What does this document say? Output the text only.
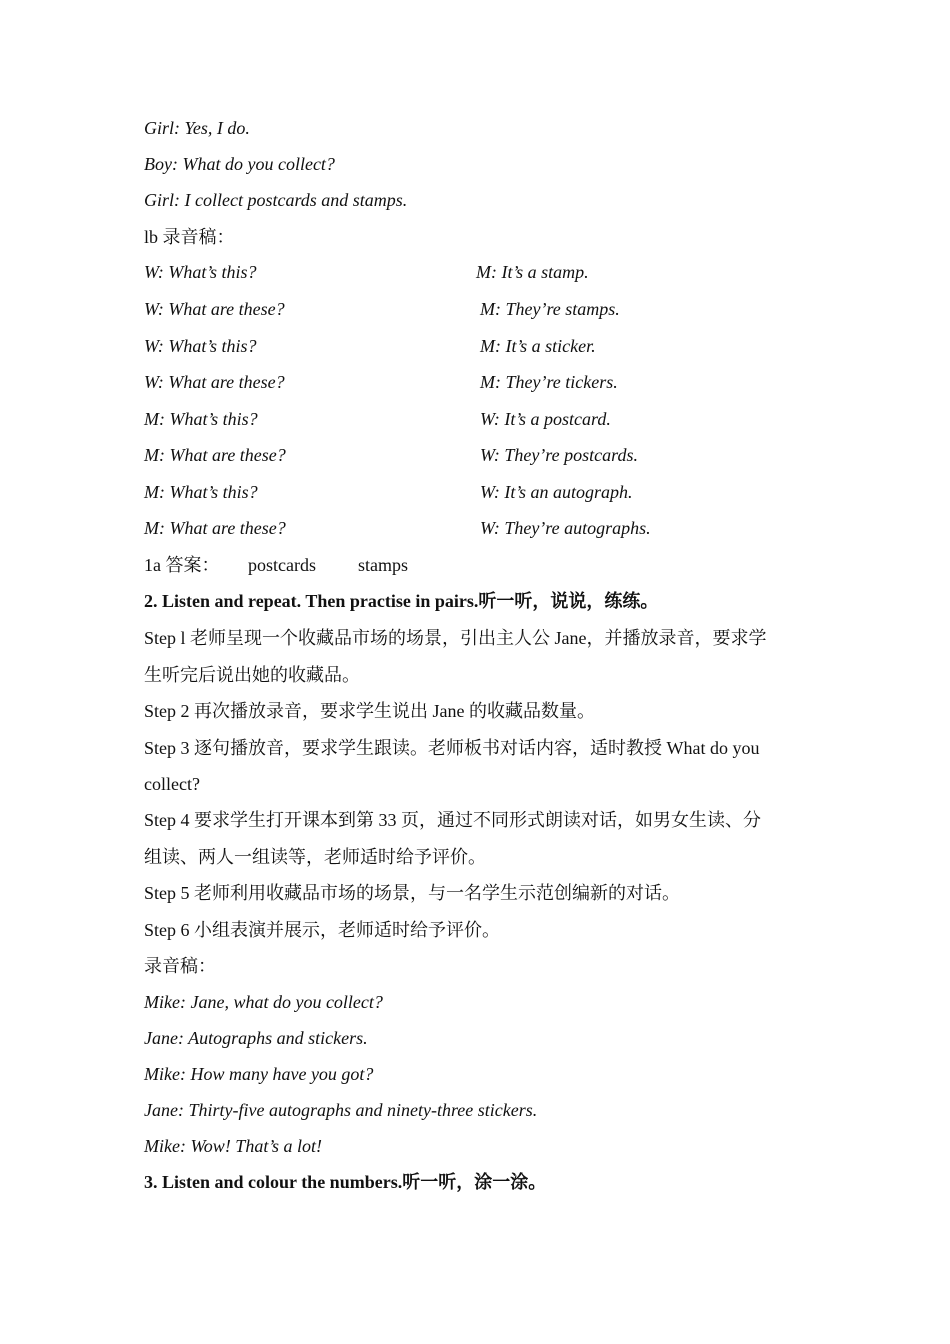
Girl: Yes, I do.
Boy: What do you collect?
Girl: I collect postcards and stamps.
lb 录音稿：
W: What’s this?	M: It’s a stamp.
W: What are these?	M: They’re stamps.
W: What’s this?	M: It’s a sticker.
W: What are these?	M: They’re tickers.
M: What’s this?	W: It’s a postcard.
M: What are these?	W: They’re postcards.
M: What’s this?	W: It’s an autograph.
M: What are these?	W: They’re autographs.
1a 答案： postcards stamps
2. Listen and repeat. Then practise in pairs.听一听，说说，练练。
Step l 老师呈现一个收藏品市场的场景，引出主人公 Jane，并播放录音，要求学
生听完后说出她的收藏品。
Step 2 再次播放录音，要求学生说出 Jane 的收藏品数量。
Step 3 逐句播放音，要求学生跟读。老师板书对话内容，适时教授 What do you
collect?
Step 4 要求学生打开课本到第 33 页，通过不同形式朗读对话，如男女生读、分
组读、两人一组读等，老师适时给予评价。
Step 5 老师利用收藏品市场的场景，与一名学生示范创编新的对话。
Step 6 小组表演并展示，老师适时给予评价。
录音稿：
Mike: Jane, what do you collect?
Jane: Autographs and stickers.
Mike: How many have you got?
Jane: Thirty-five autographs and ninety-three stickers.
Mike: Wow! That’s a lot!
3. Listen and colour the numbers.听一听，涂一涂。
